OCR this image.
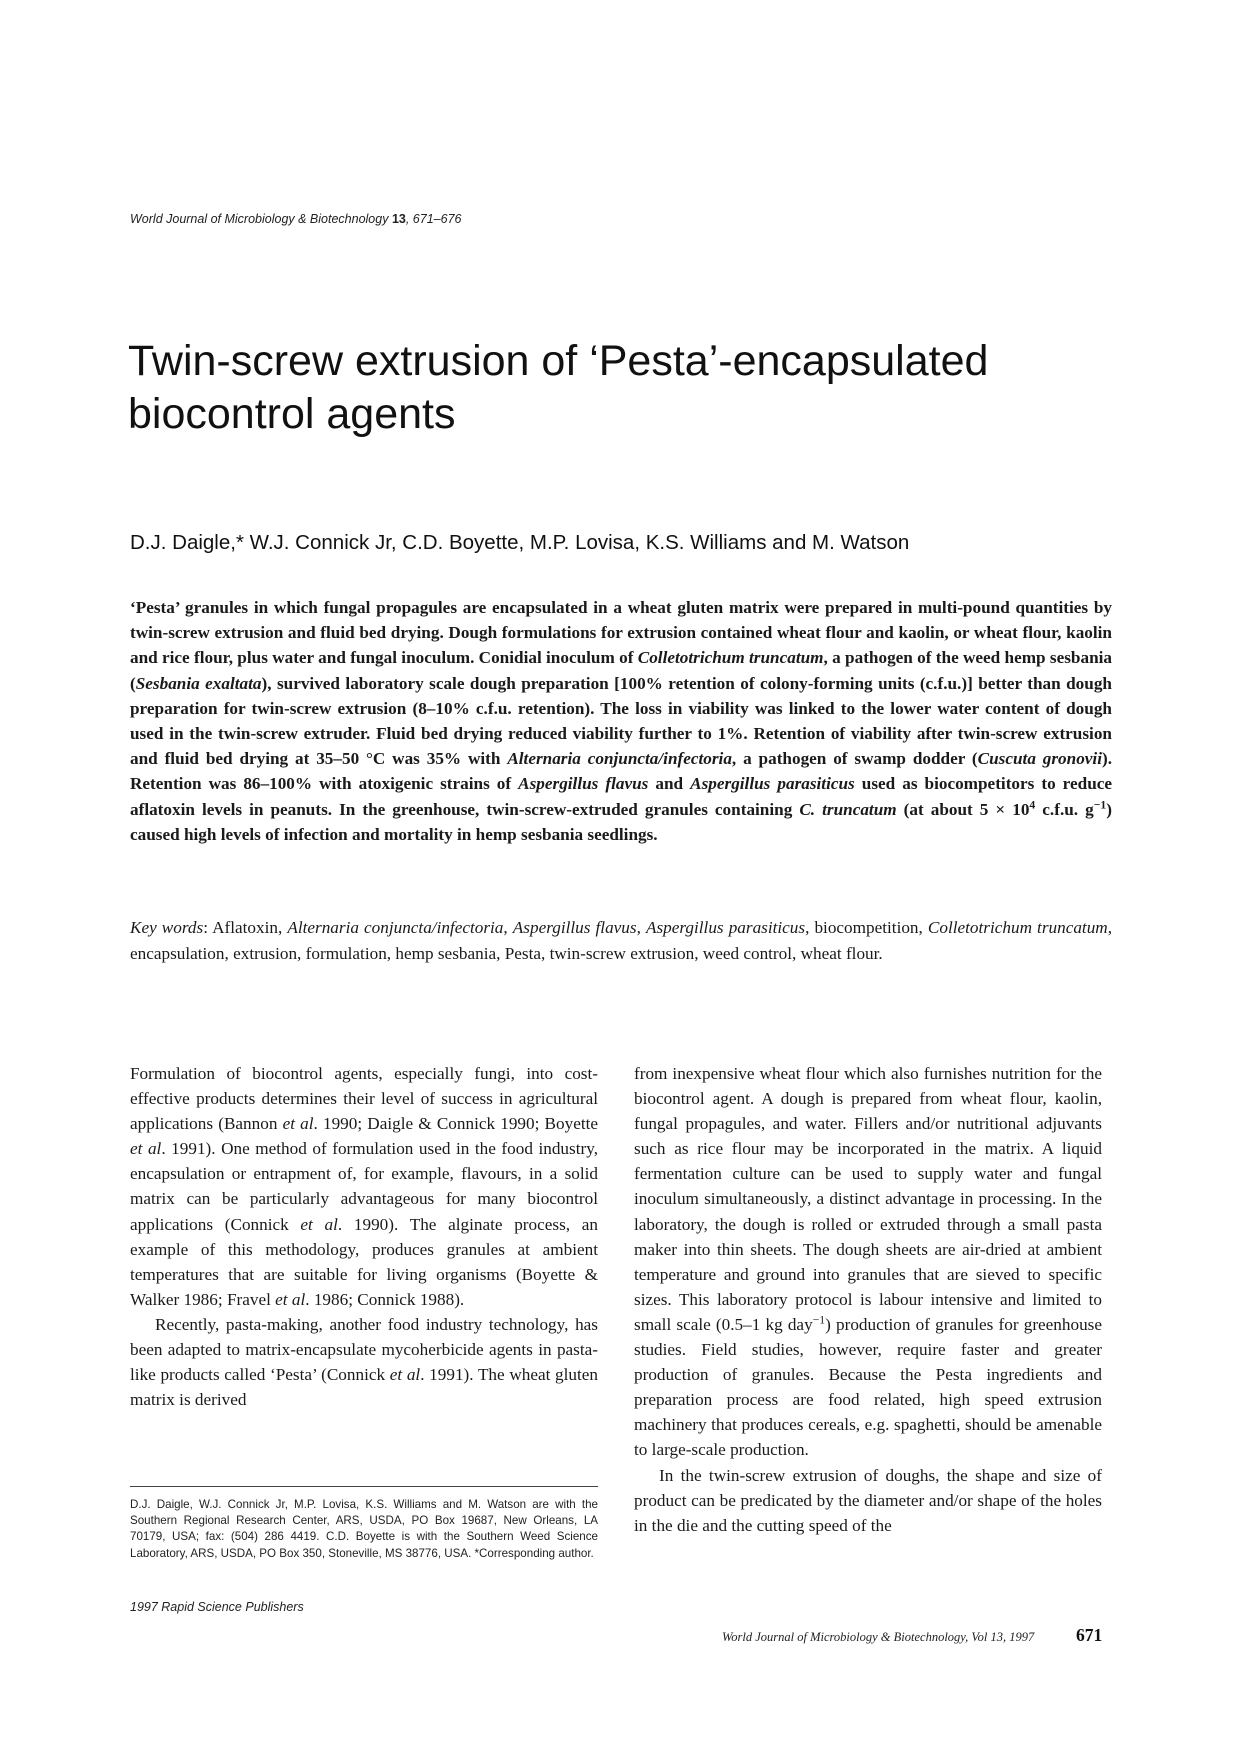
World Journal of Microbiology & Biotechnology 13, 671–676
Twin-screw extrusion of ‘Pesta’-encapsulated
biocontrol agents
D.J. Daigle,* W.J. Connick Jr, C.D. Boyette, M.P. Lovisa, K.S. Williams and M. Watson

‘Pesta’ granules in which fungal propagules are encapsulated in a wheat gluten matrix were prepared in multi-pound quantities by twin-screw extrusion and fluid bed drying. Dough formulations for extrusion contained wheat flour and kaolin, or wheat flour, kaolin and rice flour, plus water and fungal inoculum. Conidial inoculum of Colletotrichum truncatum, a pathogen of the weed hemp sesbania (Sesbania exaltata), survived laboratory scale dough preparation [100% retention of colony-forming units (c.f.u.)] better than dough preparation for twin-screw extrusion (8–10% c.f.u. retention). The loss in viability was linked to the lower water content of dough used in the twin-screw extruder. Fluid bed drying reduced viability further to 1%. Retention of viability after twin-screw extrusion and fluid bed drying at 35–50 °C was 35% with Alternaria conjuncta/infectoria, a pathogen of swamp dodder (Cuscuta gronovii). Retention was 86–100% with atoxigenic strains of Aspergillus flavus and Aspergillus parasiticus used as biocompetitors to reduce aflatoxin levels in peanuts. In the greenhouse, twin-screw-extruded granules containing C. truncatum (at about $5 \times 10^4$ c.f.u. $g^{-1}$) caused high levels of infection and mortality in hemp sesbania seedlings.

Key words: Aflatoxin, Alternaria conjuncta/infectoria, Aspergillus flavus, Aspergillus parasiticus, biocompetition, Colletotrichum truncatum, encapsulation, extrusion, formulation, hemp sesbania, Pesta, twin-screw extrusion, weed control, wheat flour.

Formulation of biocontrol agents, especially fungi, into cost-effective products determines their level of success in agricultural applications (Bannon et al. 1990; Daigle & Connick 1990; Boyette et al. 1991). One method of formulation used in the food industry, encapsulation or entrapment of, for example, flavours, in a solid matrix can be particularly advantageous for many biocontrol applications (Connick et al. 1990). The alginate process, an example of this methodology, produces granules at ambient temperatures that are suitable for living organisms (Boyette & Walker 1986; Fravel et al. 1986; Connick 1988).

Recently, pasta-making, another food industry technology, has been adapted to matrix-encapsulate mycoherbicide agents in pasta-like products called ‘Pesta’ (Connick et al. 1991). The wheat gluten matrix is derived

from inexpensive wheat flour which also furnishes nutrition for the biocontrol agent. A dough is prepared from wheat flour, kaolin, fungal propagules, and water. Fillers and/or nutritional adjuvants such as rice flour may be incorporated in the matrix. A liquid fermentation culture can be used to supply water and fungal inoculum simultaneously, a distinct advantage in processing. In the laboratory, the dough is rolled or extruded through a small pasta maker into thin sheets. The dough sheets are air-dried at ambient temperature and ground into granules that are sieved to specific sizes. This laboratory protocol is labour intensive and limited to small scale (0.5–1 kg day$^{-1}$) production of granules for greenhouse studies. Field studies, however, require faster and greater production of granules. Because the Pesta ingredients and preparation process are food related, high speed extrusion machinery that produces cereals, e.g. spaghetti, should be amenable to large-scale production.

In the twin-screw extrusion of doughs, the shape and size of product can be predicated by the diameter and/or shape of the holes in the die and the cutting speed of the

D.J. Daigle, W.J. Connick Jr, M.P. Lovisa, K.S. Williams and M. Watson are with the Southern Regional Research Center, ARS, USDA, PO Box 19687, New Orleans, LA 70179, USA; fax: (504) 286 4419. C.D. Boyette is with the Southern Weed Science Laboratory, ARS, USDA, PO Box 350, Stoneville, MS 38776, USA. *Corresponding author.

1997 Rapid Science Publishers
World Journal of Microbiology & Biotechnology, Vol 13, 1997 671
